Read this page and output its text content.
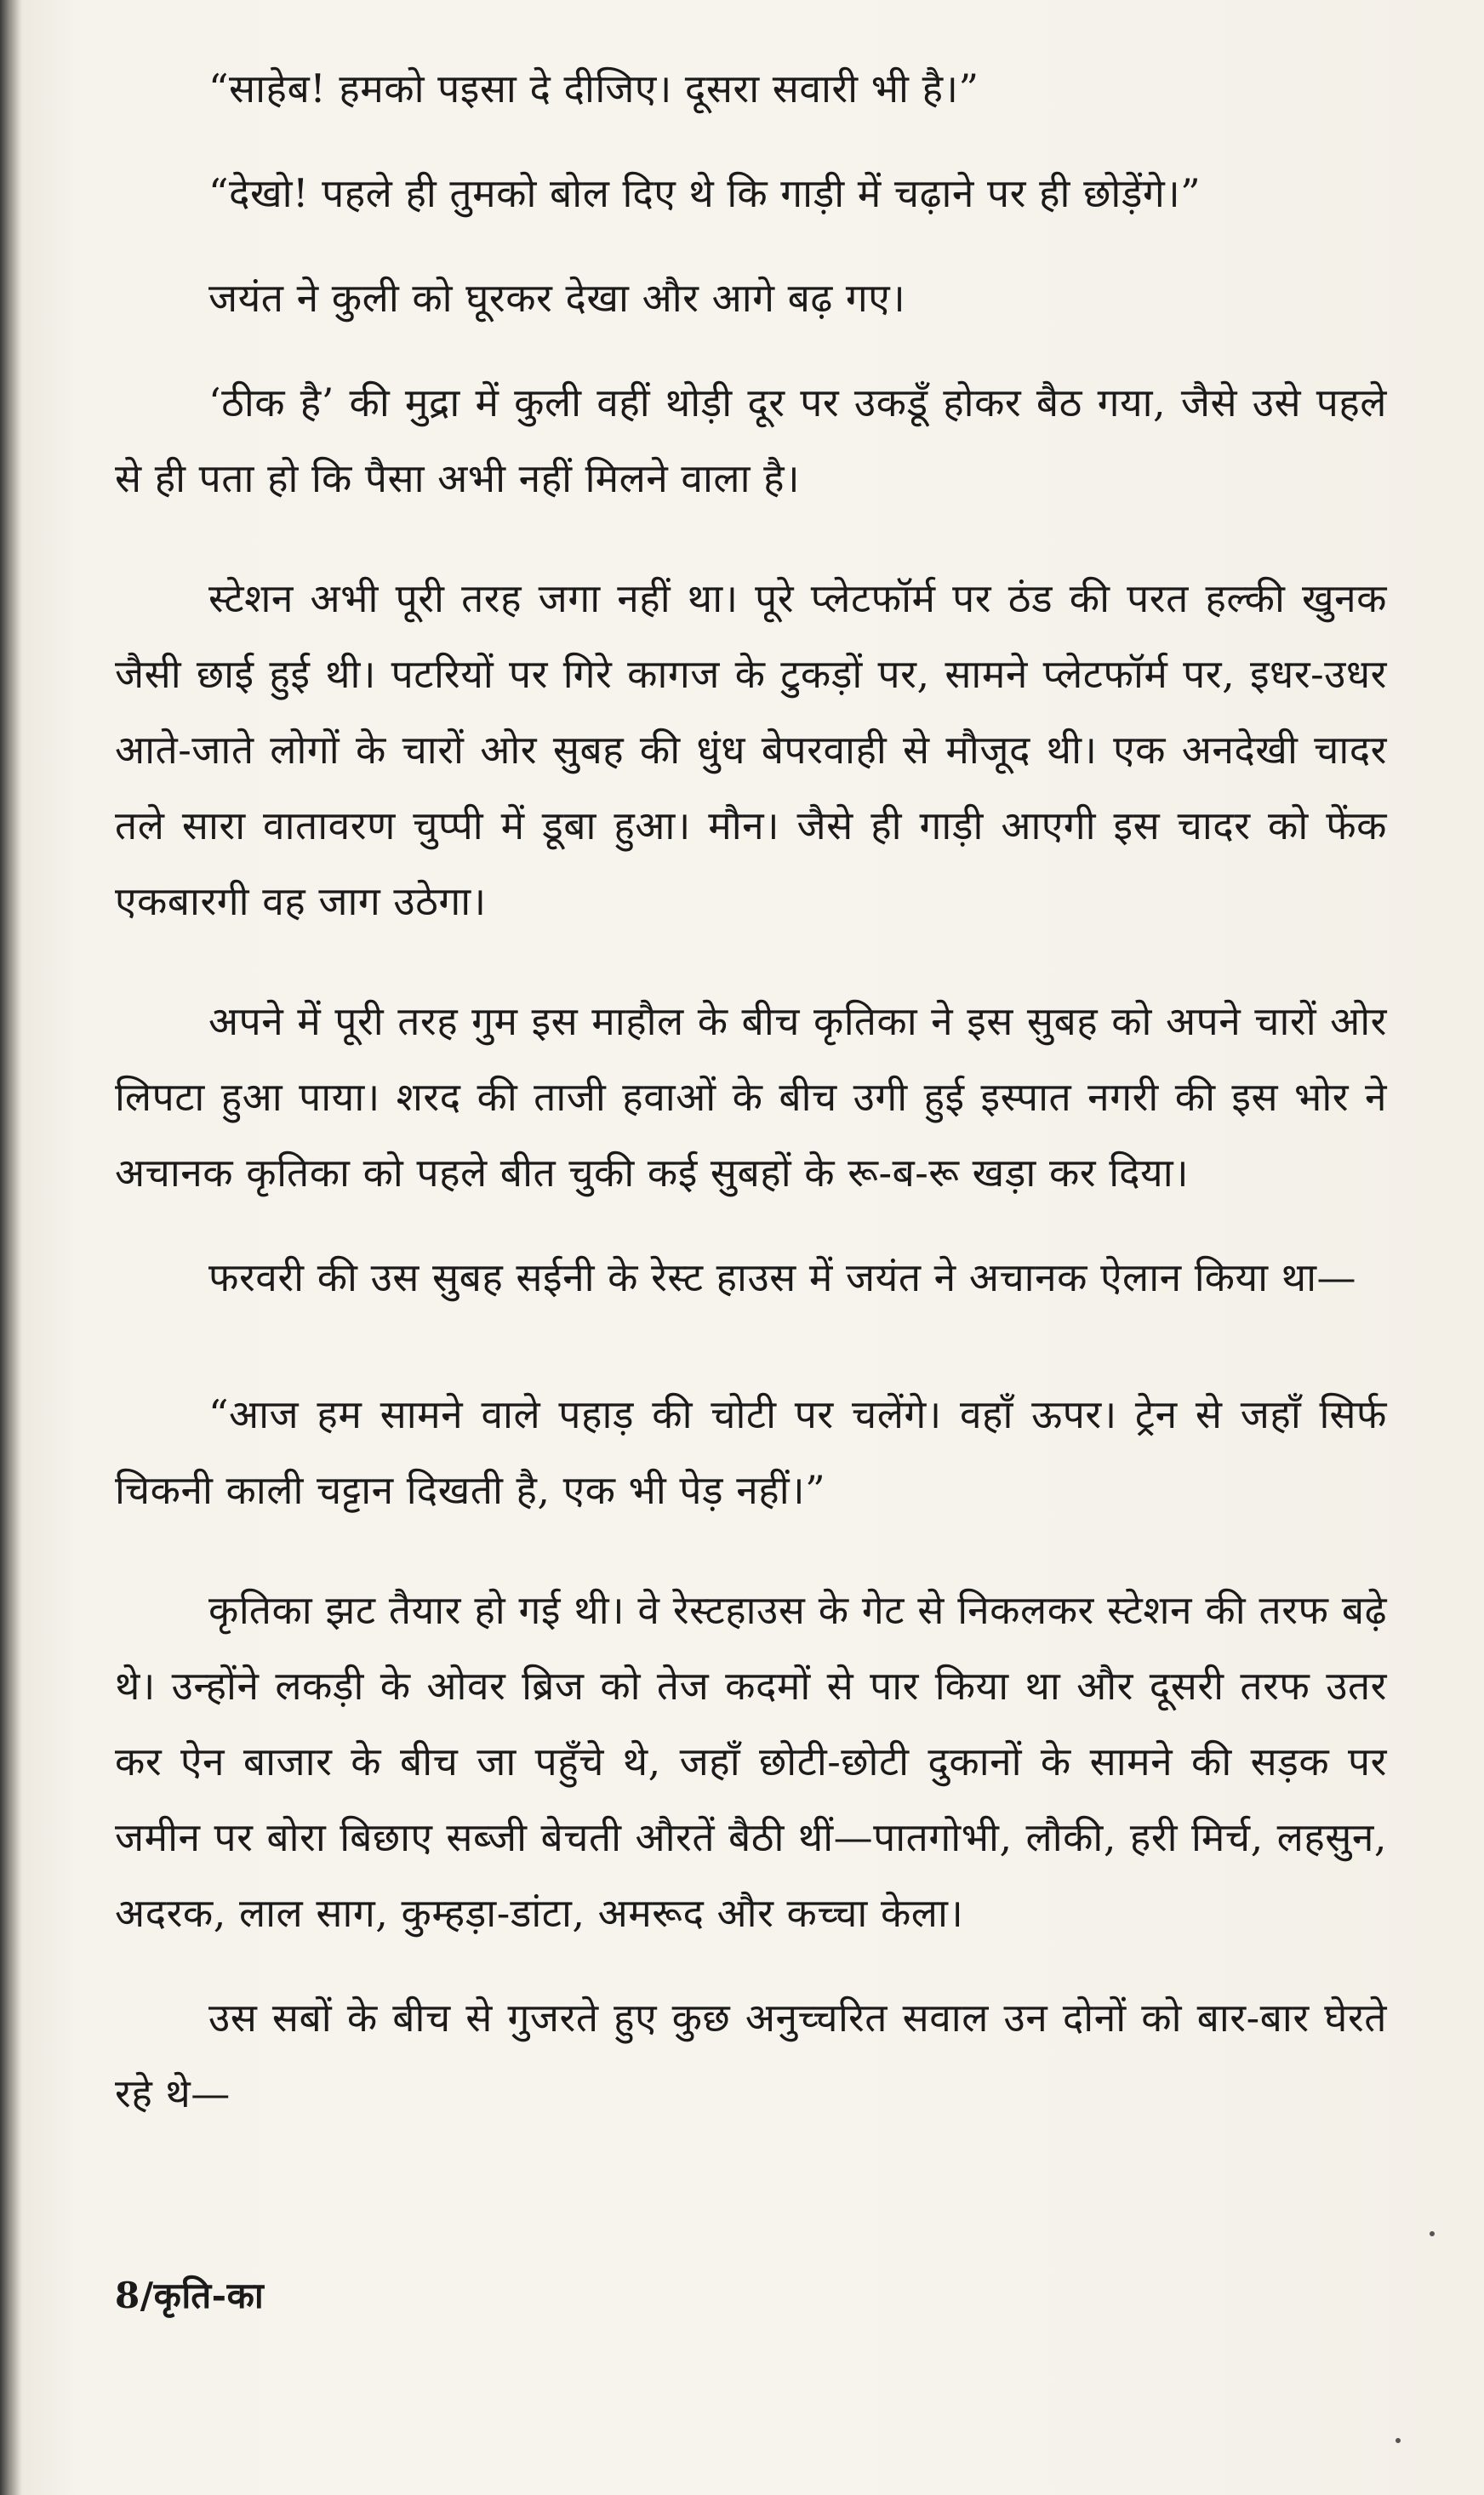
“साहेब! हमको पइसा दे दीजिए। दूसरा सवारी भी है।”

“देखो! पहले ही तुमको बोल दिए थे कि गाड़ी में चढ़ाने पर ही छोड़ेंगे।”

जयंत ने कुली को घूरकर देखा और आगे बढ़ गए।

‘ठीक है’ की मुद्रा में कुली वहीं थोड़ी दूर पर उकडूँ होकर बैठ गया, जैसे उसे पहले से ही पता हो कि पैसा अभी नहीं मिलने वाला है।

स्टेशन अभी पूरी तरह जगा नहीं था। पूरे प्लेटफॉर्म पर ठंड की परत हल्की खुनक जैसी छाई हुई थी। पटरियों पर गिरे कागज के टुकड़ों पर, सामने प्लेटफॉर्म पर, इधर-उधर आते-जाते लोगों के चारों ओर सुबह की धुंध बेपरवाही से मौजूद थी। एक अनदेखी चादर तले सारा वातावरण चुप्पी में डूबा हुआ। मौन। जैसे ही गाड़ी आएगी इस चादर को फेंक एकबारगी वह जाग उठेगा।

अपने में पूरी तरह गुम इस माहौल के बीच कृतिका ने इस सुबह को अपने चारों ओर लिपटा हुआ पाया। शरद की ताजी हवाओं के बीच उगी हुई इस्पात नगरी की इस भोर ने अचानक कृतिका को पहले बीत चुकी कई सुबहों के रू-ब-रू खड़ा कर दिया।

फरवरी की उस सुबह सईनी के रेस्ट हाउस में जयंत ने अचानक ऐलान किया था—

“आज हम सामने वाले पहाड़ की चोटी पर चलेंगे। वहाँ ऊपर। ट्रेन से जहाँ सिर्फ चिकनी काली चट्टान दिखती है, एक भी पेड़ नहीं।”

कृतिका झट तैयार हो गई थी। वे रेस्टहाउस के गेट से निकलकर स्टेशन की तरफ बढ़े थे। उन्होंने लकड़ी के ओवर ब्रिज को तेज कदमों से पार किया था और दूसरी तरफ उतर कर ऐन बाजार के बीच जा पहुँचे थे, जहाँ छोटी-छोटी दुकानों के सामने की सड़क पर जमीन पर बोरा बिछाए सब्जी बेचती औरतें बैठी थीं—पातगोभी, लौकी, हरी मिर्च, लहसुन, अदरक, लाल साग, कुम्हड़ा-डांटा, अमरूद और कच्चा केला।

उस सबों के बीच से गुजरते हुए कुछ अनुच्चरित सवाल उन दोनों को बार-बार घेरते रहे थे—

8/कृति-का
